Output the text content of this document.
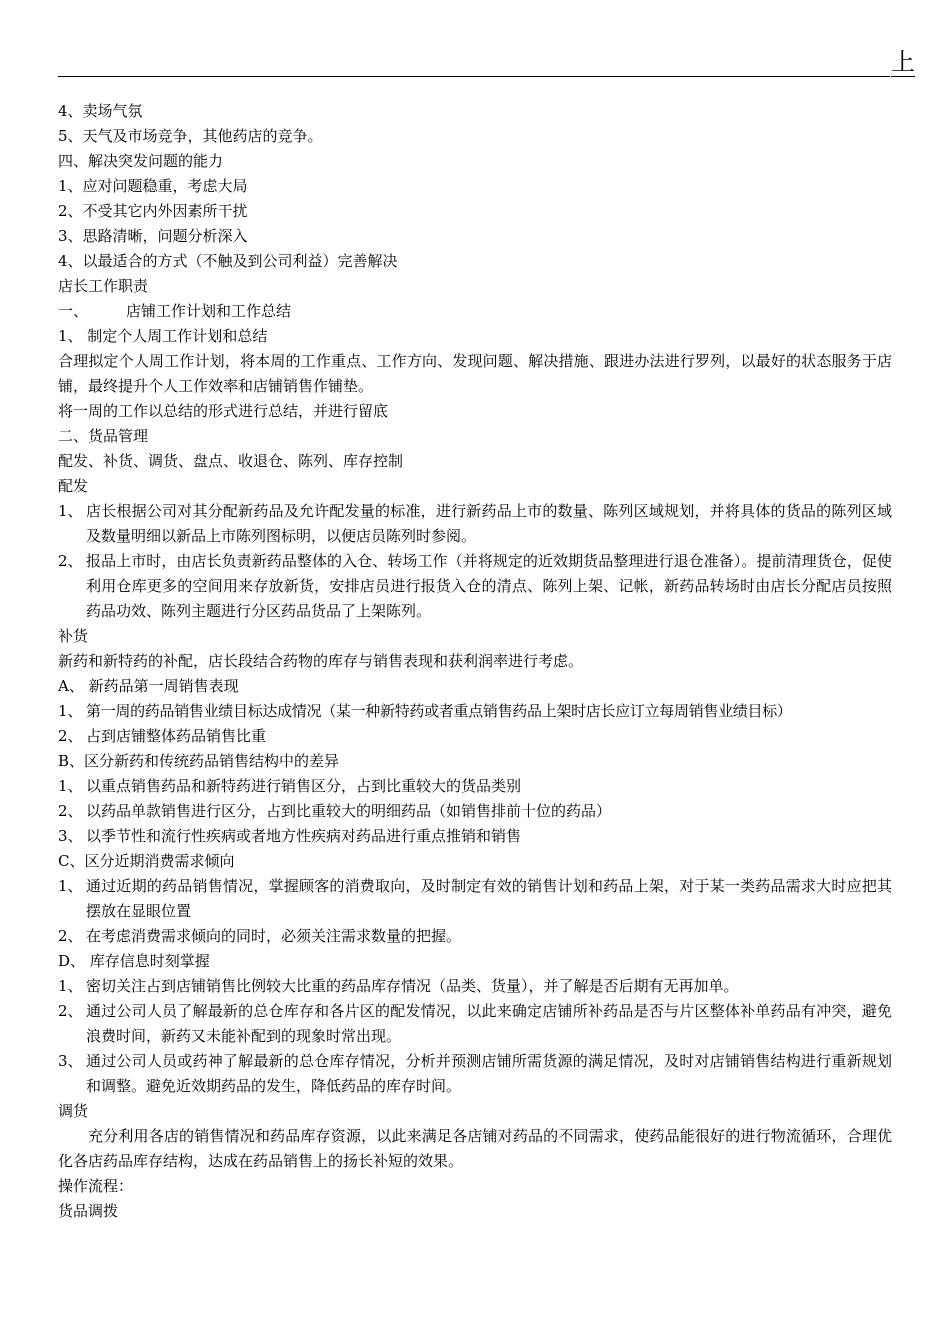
上
4、卖场气氛
5、天气及市场竞争，其他药店的竞争。
四、解决突发问题的能力
1、应对问题稳重，考虑大局
2、不受其它内外因素所干扰
3、思路清晰，问题分析深入
4、以最适合的方式（不触及到公司利益）完善解决
店长工作职责
一、	店铺工作计划和工作总结
1、 制定个人周工作计划和总结
合理拟定个人周工作计划，将本周的工作重点、工作方向、发现问题、解决措施、跟进办法进行罗列，以最好的状态服务于店铺，最终提升个人工作效率和店铺销售作铺垫。
将一周的工作以总结的形式进行总结，并进行留底
二、货品管理
配发、补货、调货、盘点、收退仓、陈列、库存控制
配发
1、 店长根据公司对其分配新药品及允许配发量的标准，进行新药品上市的数量、陈列区域规划，并将具体的货品的陈列区域及数量明细以新品上市陈列图标明，以便店员陈列时参阅。
2、 报品上市时，由店长负责新药品整体的入仓、转场工作（并将规定的近效期货品整理进行退仓准备）。提前清理货仓，促使利用仓库更多的空间用来存放新货，安排店员进行报货入仓的清点、陈列上架、记帐，新药品转场时由店长分配店员按照药品功效、陈列主题进行分区药品货品了上架陈列。
补货
新药和新特药的补配，店长段结合药物的库存与销售表现和获利润率进行考虑。
A、 新药品第一周销售表现
1、 第一周的药品销售业绩目标达成情况（某一种新特药或者重点销售药品上架时店长应订立每周销售业绩目标）
2、 占到店铺整体药品销售比重
B、区分新药和传统药品销售结构中的差异
1、 以重点销售药品和新特药进行销售区分，占到比重较大的货品类别
2、 以药品单款销售进行区分，占到比重较大的明细药品（如销售排前十位的药品）
3、 以季节性和流行性疾病或者地方性疾病对药品进行重点推销和销售
C、区分近期消费需求倾向
1、 通过近期的药品销售情况，掌握顾客的消费取向，及时制定有效的销售计划和药品上架，对于某一类药品需求大时应把其摆放在显眼位置
2、 在考虑消费需求倾向的同时，必须关注需求数量的把握。
D、 库存信息时刻掌握
1、 密切关注占到店铺销售比例较大比重的药品库存情况（品类、货量），并了解是否后期有无再加单。
2、 通过公司人员了解最新的总仓库存和各片区的配发情况，以此来确定店铺所补药品是否与片区整体补单药品有冲突，避免浪费时间，新药又未能补配到的现象时常出现。
3、 通过公司人员或药神了解最新的总仓库存情况，分析并预测店铺所需货源的满足情况，及时对店铺销售结构进行重新规划和调整。避免近效期药品的发生，降低药品的库存时间。
调货
充分利用各店的销售情况和药品库存资源，以此来满足各店铺对药品的不同需求，使药品能很好的进行物流循环，合理优化各店药品库存结构，达成在药品销售上的扬长补短的效果。
操作流程：
货品调拨
